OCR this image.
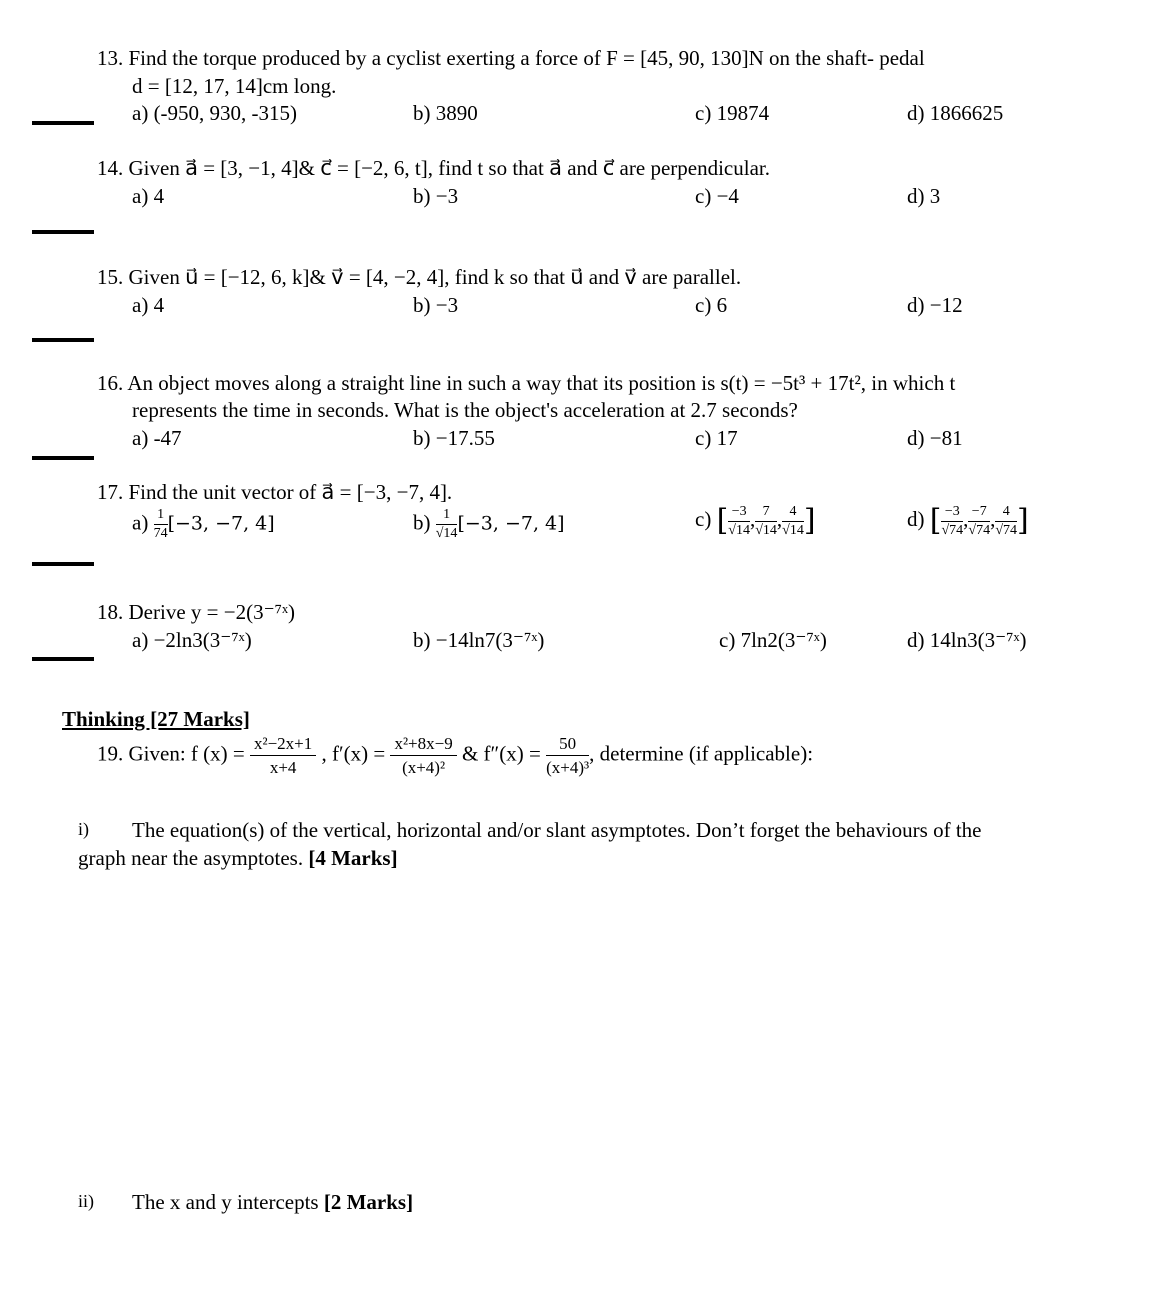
13. Find the torque produced by a cyclist exerting a force of F = [45, 90, 130]N on the shaft- pedal
d = [12, 17, 14]cm long.
a) (-950, 930, -315)	b) 3890	c) 19874	d) 1866625
14. Given a⃗ = [3, −1, 4]& c⃗ = [−2, 6, t], find t so that a⃗ and c⃗ are perpendicular.
a) 4	b) −3	c) −4	d) 3
15. Given u⃗ = [−12, 6, k]& v⃗ = [4, −2, 4], find k so that u⃗ and v⃗ are parallel.
a) 4	b) −3	c) 6	d) −12
16. An object moves along a straight line in such a way that its position is s(t) = −5t³ + 17t², in which t
represents the time in seconds. What is the object's acceleration at 2.7 seconds?
a) -47	b) −17.55	c) 17	d) −81
17. Find the unit vector of a⃗ = [−3, −7, 4].
$a) \frac{1}{74} [-3$, −7, 4]	$b) \frac{1}{√14} [-3$, −7, 4]	c) [ $\frac{-3}{√14}$ , $\frac{7}{√14}$ , $\frac{4}{√14}$ ]	d) [ $\frac{-3}{√74}$ , $\frac{-7}{√74}$ , $\frac{4}{√74}$ ]
18. Derive y = −2(3⁻⁷ˣ)
a) −2ln3(3⁻⁷ˣ)	b) −14ln7(3⁻⁷ˣ)	c) 7ln2(3⁻⁷ˣ)	d) 14ln3(3⁻⁷ˣ)
Thinking [27 Marks]
19. Given: f $(x) = \frac{\text{x²−2x+1}}{x+4}$ , $f'(x) = \frac{\text{x²+8x−9}}{\text{(x+4)²}}$ & $f''(x) = \frac{50}{\text{(x+4)³}}$ , determine (if applicable):
i) The equation(s) of the vertical, horizontal and/or slant asymptotes. Don’t forget the behaviours of the
graph near the asymptotes. [4 Marks]
ii) The x and y intercepts [2 Marks]
